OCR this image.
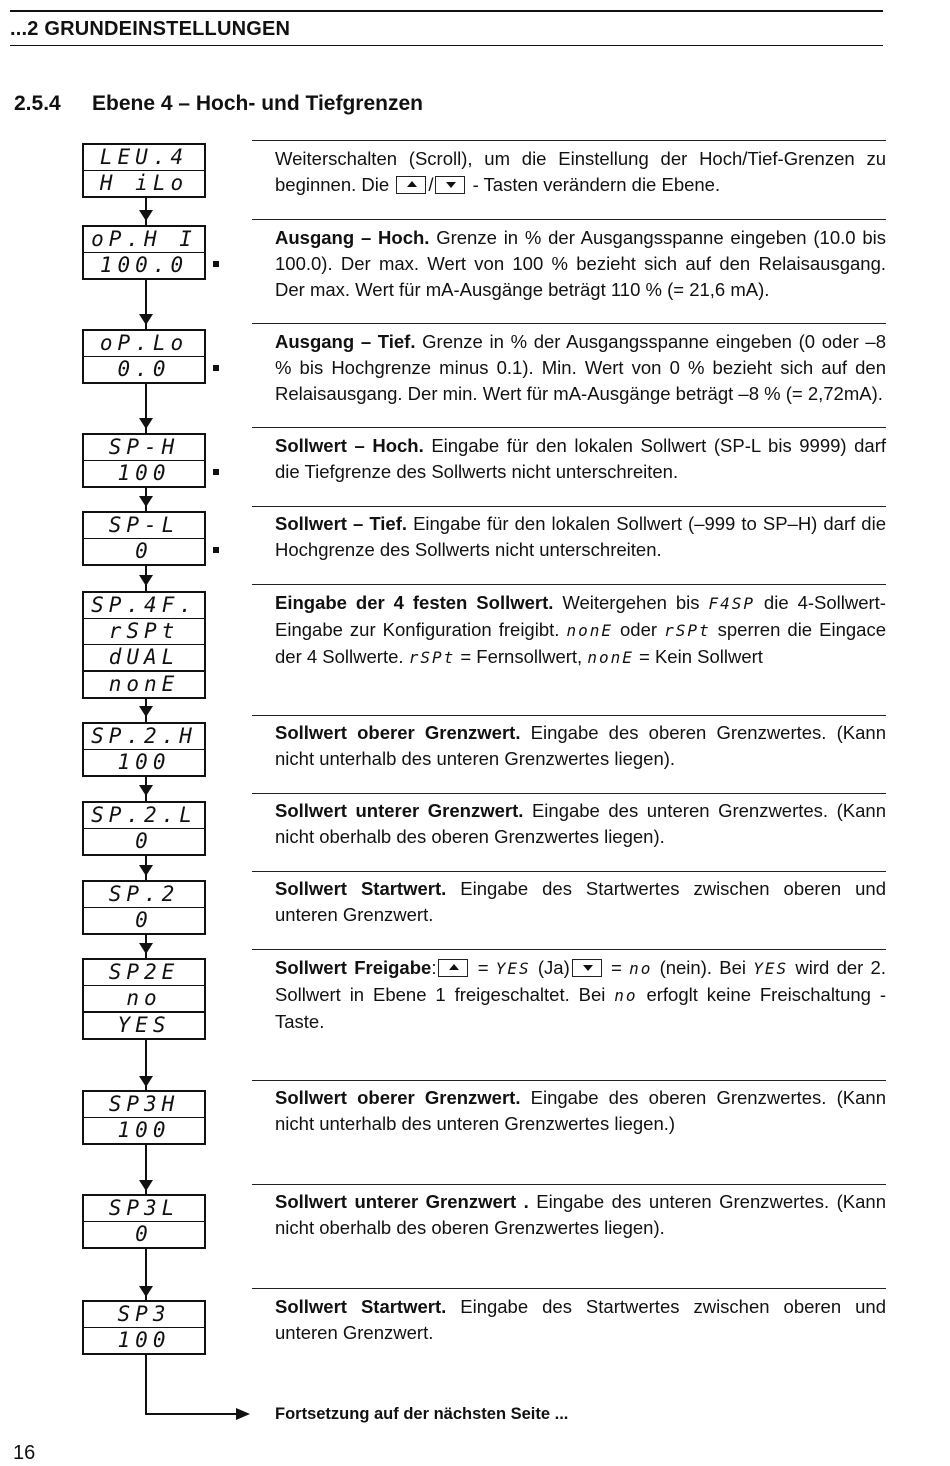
...2 GRUNDEINSTELLUNGEN
2.5.4 Ebene 4 – Hoch- und Tiefgrenzen
LEU.4
H iLo
oP.H I
100.0
oP.Lo
0.0
SP-H
100
SP-L
0
SP.4F.
rSPt
dUAL
nonE
SP.2.H
100
SP.2.L
0
SP.2
0
SP2E
no
YES
SP3H
100
SP3L
0
SP3
100
Weiterschalten (Scroll), um die Einstellung der Hoch/Tief-Grenzen zu beginnen. Die / - Tasten verändern die Ebene.
Ausgang – Hoch. Grenze in % der Ausgangsspanne eingeben (10.0 bis 100.0). Der max. Wert von 100 % bezieht sich auf den Relaisausgang. Der max. Wert für mA-Ausgänge beträgt 110 % (= 21,6 mA).
Ausgang – Tief. Grenze in % der Ausgangsspanne eingeben (0 oder –8 % bis Hochgrenze minus 0.1). Min. Wert von 0 % bezieht sich auf den Relaisausgang. Der min. Wert für mA-Ausgänge beträgt –8 % (= 2,72mA).
Sollwert – Hoch. Eingabe für den lokalen Sollwert (SP-L bis 9999) darf die Tiefgrenze des Sollwerts nicht unterschreiten.
Sollwert – Tief. Eingabe für den lokalen Sollwert (–999 to SP–H) darf die Hochgrenze des Sollwerts nicht unterschreiten.
Eingabe der 4 festen Sollwert. Weitergehen bis F4SP die 4-Sollwert-Eingabe zur Konfiguration freigibt. nonE oder rSPt sperren die Eingace der 4 Sollwerte. rSPt = Fernsollwert, nonE = Kein Sollwert
Sollwert oberer Grenzwert. Eingabe des oberen Grenzwertes. (Kann nicht unterhalb des unteren Grenzwertes liegen).
Sollwert unterer Grenzwert. Eingabe des unteren Grenzwertes. (Kann nicht oberhalb des oberen Grenzwertes liegen).
Sollwert Startwert. Eingabe des Startwertes zwischen oberen und unteren Grenzwert.
Sollwert Freigabe: = YES (Ja) = no (nein). Bei YES wird der 2. Sollwert in Ebene 1 freigeschaltet. Bei no erfoglt keine Freischaltung -Taste.
Sollwert oberer Grenzwert. Eingabe des oberen Grenzwertes. (Kann nicht unterhalb des unteren Grenzwertes liegen.)
Sollwert unterer Grenzwert . Eingabe des unteren Grenzwertes. (Kann nicht oberhalb des oberen Grenzwertes liegen).
Sollwert Startwert. Eingabe des Startwertes zwischen oberen und unteren Grenzwert.
Fortsetzung auf der nächsten Seite ...
16
